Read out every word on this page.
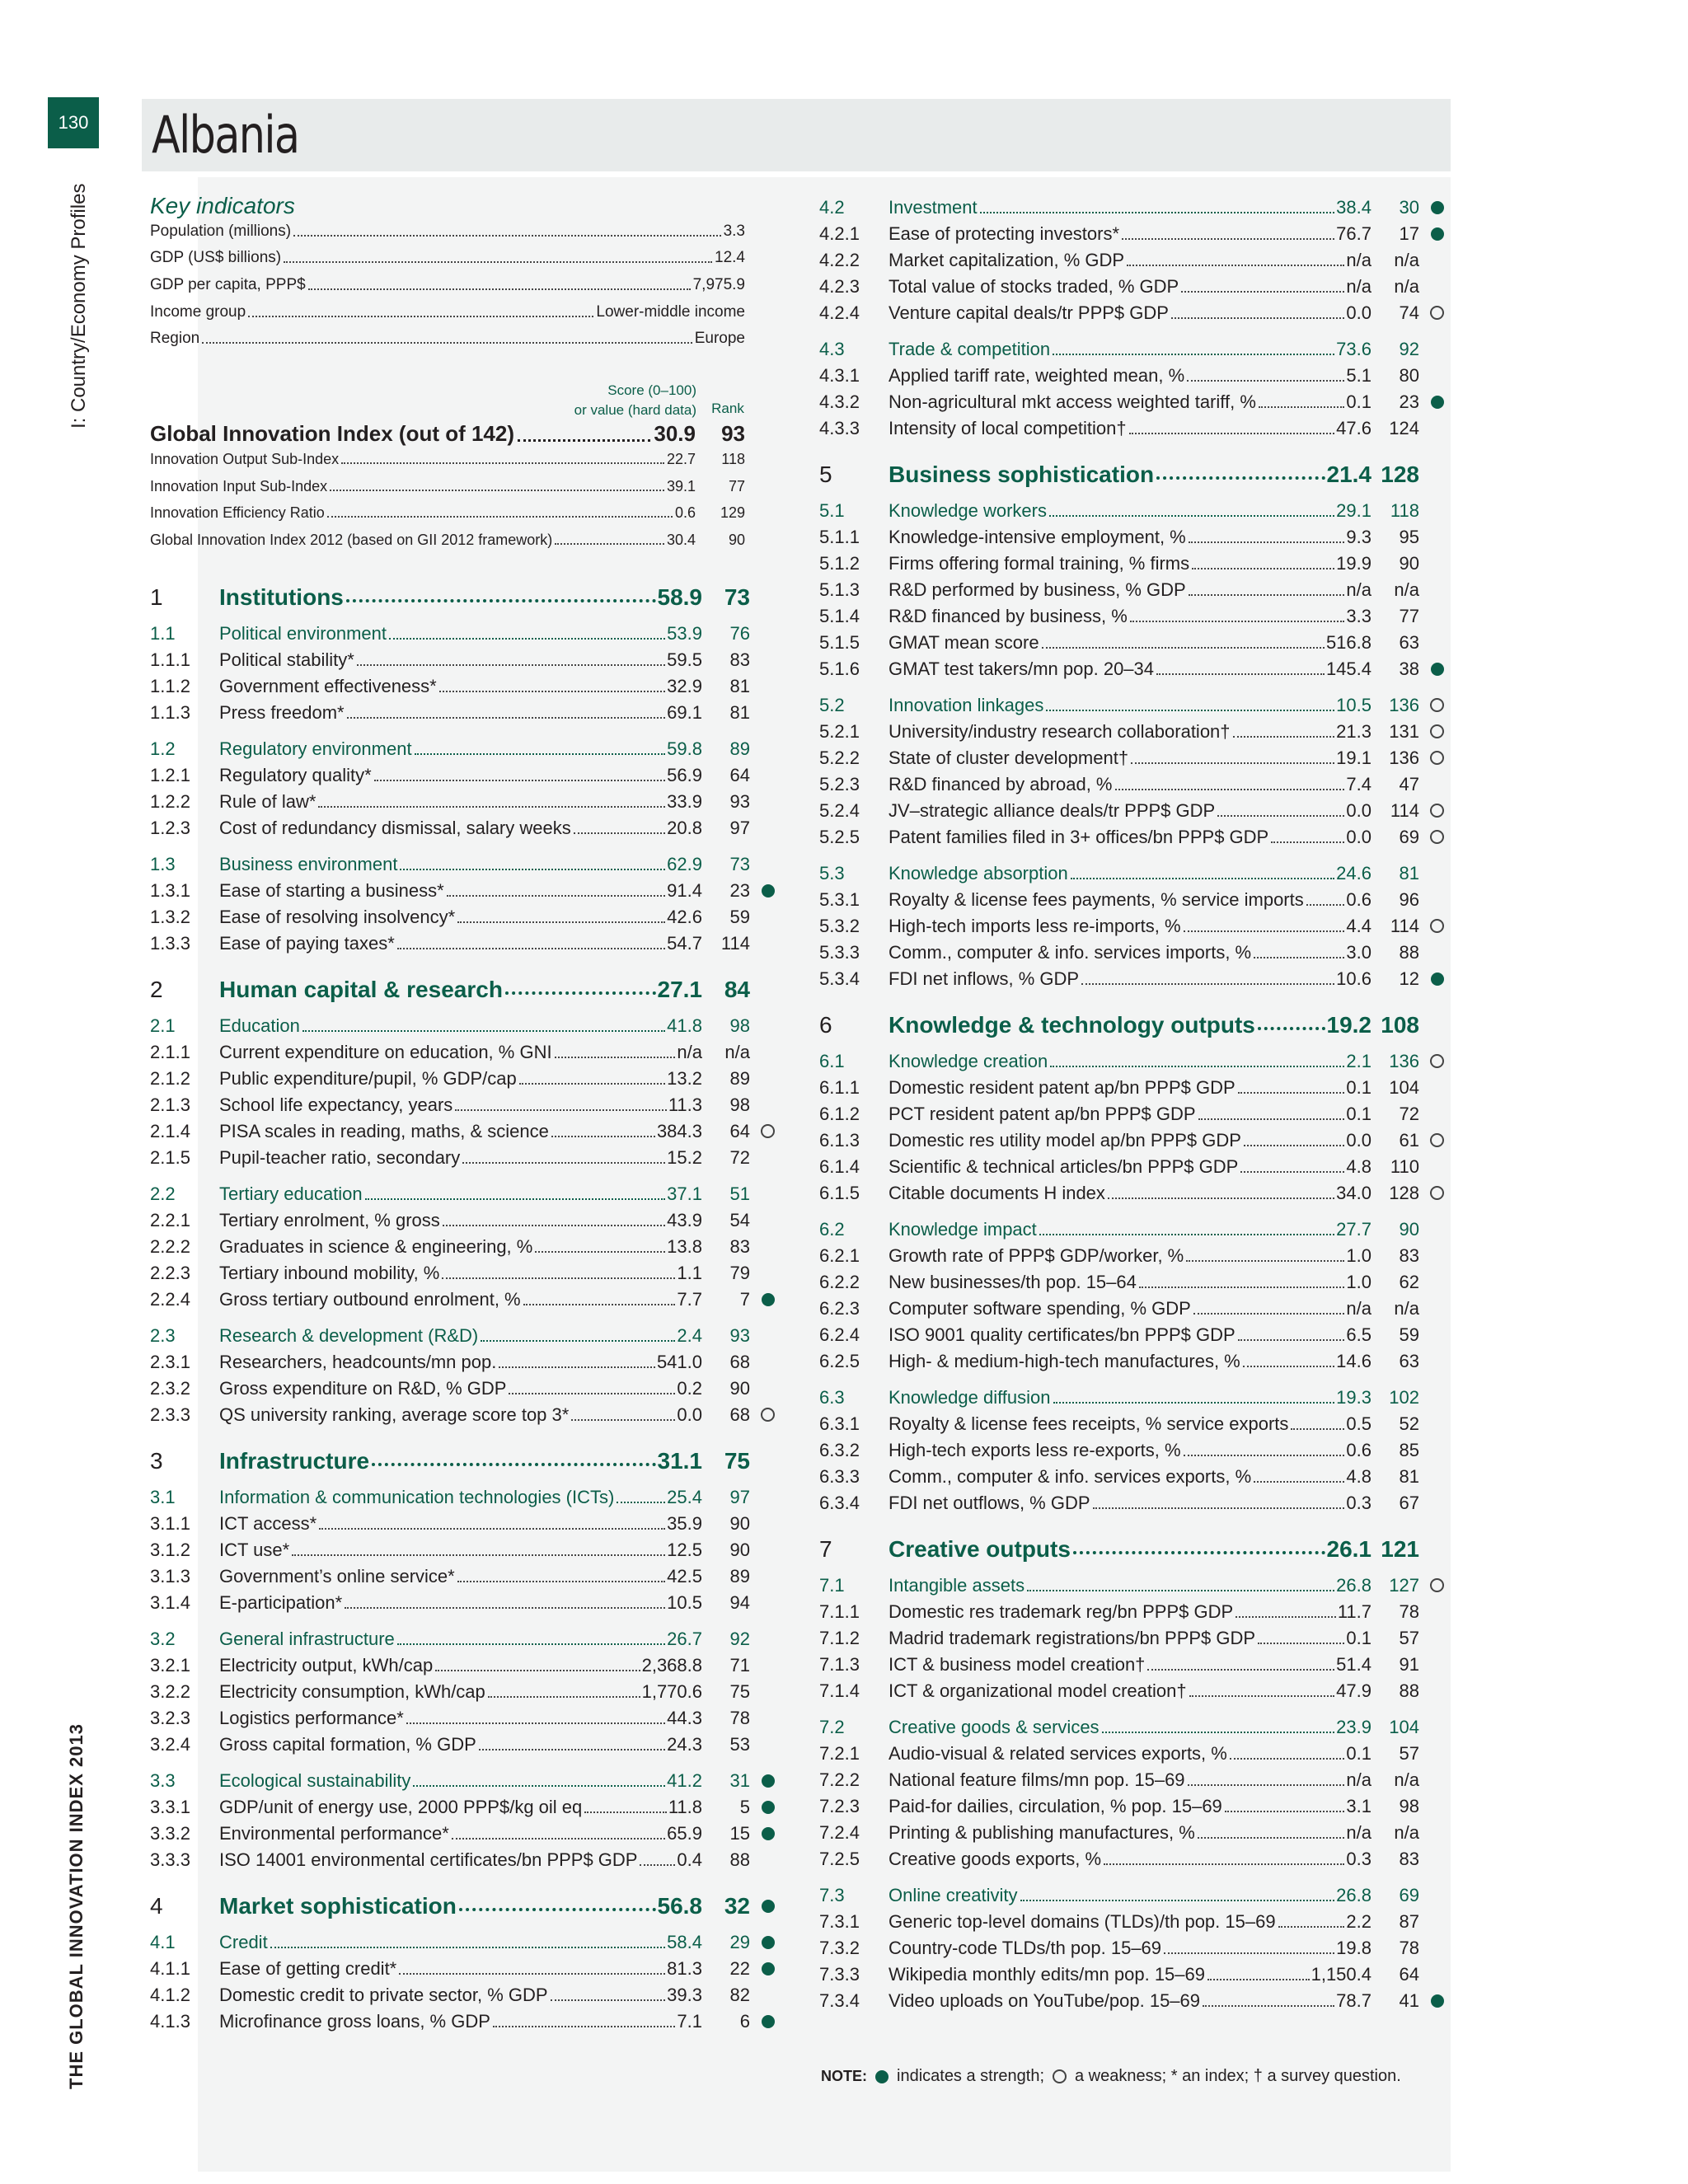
130 Albania
I: Country/Economy Profiles
THE GLOBAL INNOVATION INDEX 2013
Key indicators
Population (millions)	3.3
GDP (US$ billions)	12.4
GDP per capita, PPP$	7,975.9
Income group	Lower-middle income
Region	Europe
Score (0–100)
or value (hard data) Rank
Global Innovation Index (out of 142)	30.9	93
Innovation Output Sub-Index	22.7	118
Innovation Input Sub-Index	39.1	77
Innovation Efficiency Ratio	0.6	129
Global Innovation Index 2012 (based on GII 2012 framework)	30.4	90
1	Institutions	58.9 73
1.1	Political environment	53.9	76
1.1.1	Political stability*	59.5	83
1.1.2	Government effectiveness*	32.9	81
1.1.3	Press freedom*	69.1	81
1.2	Regulatory environment	59.8	89
1.2.1	Regulatory quality*	56.9	64
1.2.2	Rule of law*	33.9	93
1.2.3	Cost of redundancy dismissal, salary weeks	20.8	97
1.3	Business environment	62.9	73
1.3.1	Ease of starting a business*	91.4	23
1.3.2	Ease of resolving insolvency*	42.6	59
1.3.3	Ease of paying taxes*	54.7	114
2	Human capital & research	27.1 84
2.1	Education	41.8	98
2.1.1	Current expenditure on education, % GNI	n/a	n/a
2.1.2	Public expenditure/pupil, % GDP/cap	13.2	89
2.1.3	School life expectancy, years	11.3	98
2.1.4	PISA scales in reading, maths, & science	384.3	64
2.1.5	Pupil-teacher ratio, secondary	15.2	72
2.2	Tertiary education	37.1	51
2.2.1	Tertiary enrolment, % gross	43.9	54
2.2.2	Graduates in science & engineering, %	13.8	83
2.2.3	Tertiary inbound mobility, %	1.1	79
2.2.4	Gross tertiary outbound enrolment, %	7.7	7
2.3	Research & development (R&D)	2.4	93
2.3.1	Researchers, headcounts/mn pop.	541.0	68
2.3.2	Gross expenditure on R&D, % GDP	0.2	90
2.3.3	QS university ranking, average score top 3*	0.0	68
3	Infrastructure	31.1 75
3.1	Information & communication technologies (ICTs)	25.4	97
3.1.1	ICT access*	35.9	90
3.1.2	ICT use*	12.5	90
3.1.3	Government’s online service*	42.5	89
3.1.4	E-participation*	10.5	94
3.2	General infrastructure	26.7	92
3.2.1	Electricity output, kWh/cap	2,368.8	71
3.2.2	Electricity consumption, kWh/cap	1,770.6	75
3.2.3	Logistics performance*	44.3	78
3.2.4	Gross capital formation, % GDP	24.3	53
3.3	Ecological sustainability	41.2	31
3.3.1	GDP/unit of energy use, 2000 PPP$/kg oil eq	11.8	5
3.3.2	Environmental performance*	65.9	15
3.3.3	ISO 14001 environmental certificates/bn PPP$ GDP 0.4	88
4	Market sophistication	56.8 32
4.1	Credit	58.4	29
4.1.1	Ease of getting credit*	81.3	22
4.1.2	Domestic credit to private sector, % GDP	39.3	82
4.1.3	Microfinance gross loans, % GDP	7.1	6
4.2	Investment	38.4	30
4.2.1	Ease of protecting investors*	76.7	17
4.2.2	Market capitalization, % GDP	n/a	n/a
4.2.3	Total value of stocks traded, % GDP	n/a	n/a
4.2.4	Venture capital deals/tr PPP$ GDP	0.0	74
4.3	Trade & competition	73.6	92
4.3.1	Applied tariff rate, weighted mean, %	5.1	80
4.3.2	Non-agricultural mkt access weighted tariff, %	0.1	23
4.3.3	Intensity of local competition†	47.6 124
5	Business sophistication	21.4 128
5.1	Knowledge workers	29.1	118
5.1.1	Knowledge-intensive employment, %	9.3	95
5.1.2	Firms offering formal training, % firms	19.9	90
5.1.3	R&D performed by business, % GDP	n/a	n/a
5.1.4	R&D financed by business, %	3.3	77
5.1.5	GMAT mean score	516.8	63
5.1.6	GMAT test takers/mn pop. 20–34	145.4	38
5.2	Innovation linkages	10.5 136
5.2.1	University/industry research collaboration†	21.3 131
5.2.2	State of cluster development†	19.1 136
5.2.3	R&D financed by abroad, %	7.4	47
5.2.4	JV–strategic alliance deals/tr PPP$ GDP	0.0	114
5.2.5	Patent families filed in 3+ offices/bn PPP$ GDP	0.0	69
5.3	Knowledge absorption	24.6	81
5.3.1	Royalty & license fees payments, % service imports 0.6	96
5.3.2	High-tech imports less re-imports, %	4.4	114
5.3.3	Comm., computer & info. services imports, %	3.0	88
5.3.4	FDI net inflows, % GDP	10.6	12
6	Knowledge & technology outputs	19.2 108
6.1	Knowledge creation	2.1 136
6.1.1	Domestic resident patent ap/bn PPP$ GDP	0.1 104
6.1.2	PCT resident patent ap/bn PPP$ GDP	0.1	72
6.1.3	Domestic res utility model ap/bn PPP$ GDP	0.0	61
6.1.4	Scientific & technical articles/bn PPP$ GDP	4.8	110
6.1.5	Citable documents H index	34.0 128
6.2	Knowledge impact	27.7	90
6.2.1	Growth rate of PPP$ GDP/worker, %	1.0	83
6.2.2	New businesses/th pop. 15–64	1.0	62
6.2.3	Computer software spending, % GDP	n/a	n/a
6.2.4	ISO 9001 quality certificates/bn PPP$ GDP	6.5	59
6.2.5	High- & medium-high-tech manufactures, %	14.6	63
6.3	Knowledge diffusion	19.3 102
6.3.1	Royalty & license fees receipts, % service exports	0.5	52
6.3.2	High-tech exports less re-exports, %	0.6	85
6.3.3	Comm., computer & info. services exports, %	4.8	81
6.3.4	FDI net outflows, % GDP	0.3	67
7	Creative outputs	26.1 121
7.1	Intangible assets	26.8 127
7.1.1	Domestic res trademark reg/bn PPP$ GDP	11.7	78
7.1.2	Madrid trademark registrations/bn PPP$ GDP	0.1	57
7.1.3	ICT & business model creation†	51.4	91
7.1.4	ICT & organizational model creation†	47.9	88
7.2	Creative goods & services	23.9 104
7.2.1	Audio-visual & related services exports, %	0.1	57
7.2.2	National feature films/mn pop. 15–69	n/a	n/a
7.2.3	Paid-for dailies, circulation, % pop. 15–69	3.1	98
7.2.4	Printing & publishing manufactures, %	n/a	n/a
7.2.5	Creative goods exports, %	0.3	83
7.3	Online creativity	26.8	69
7.3.1	Generic top-level domains (TLDs)/th pop. 15–69	2.2	87
7.3.2	Country-code TLDs/th pop. 15–69	19.8	78
7.3.3	Wikipedia monthly edits/mn pop. 15–69	1,150.4	64
7.3.4	Video uploads on YouTube/pop. 15–69	78.7	41
NOTE: indicates a strength; a weakness; * an index; † a survey question.
